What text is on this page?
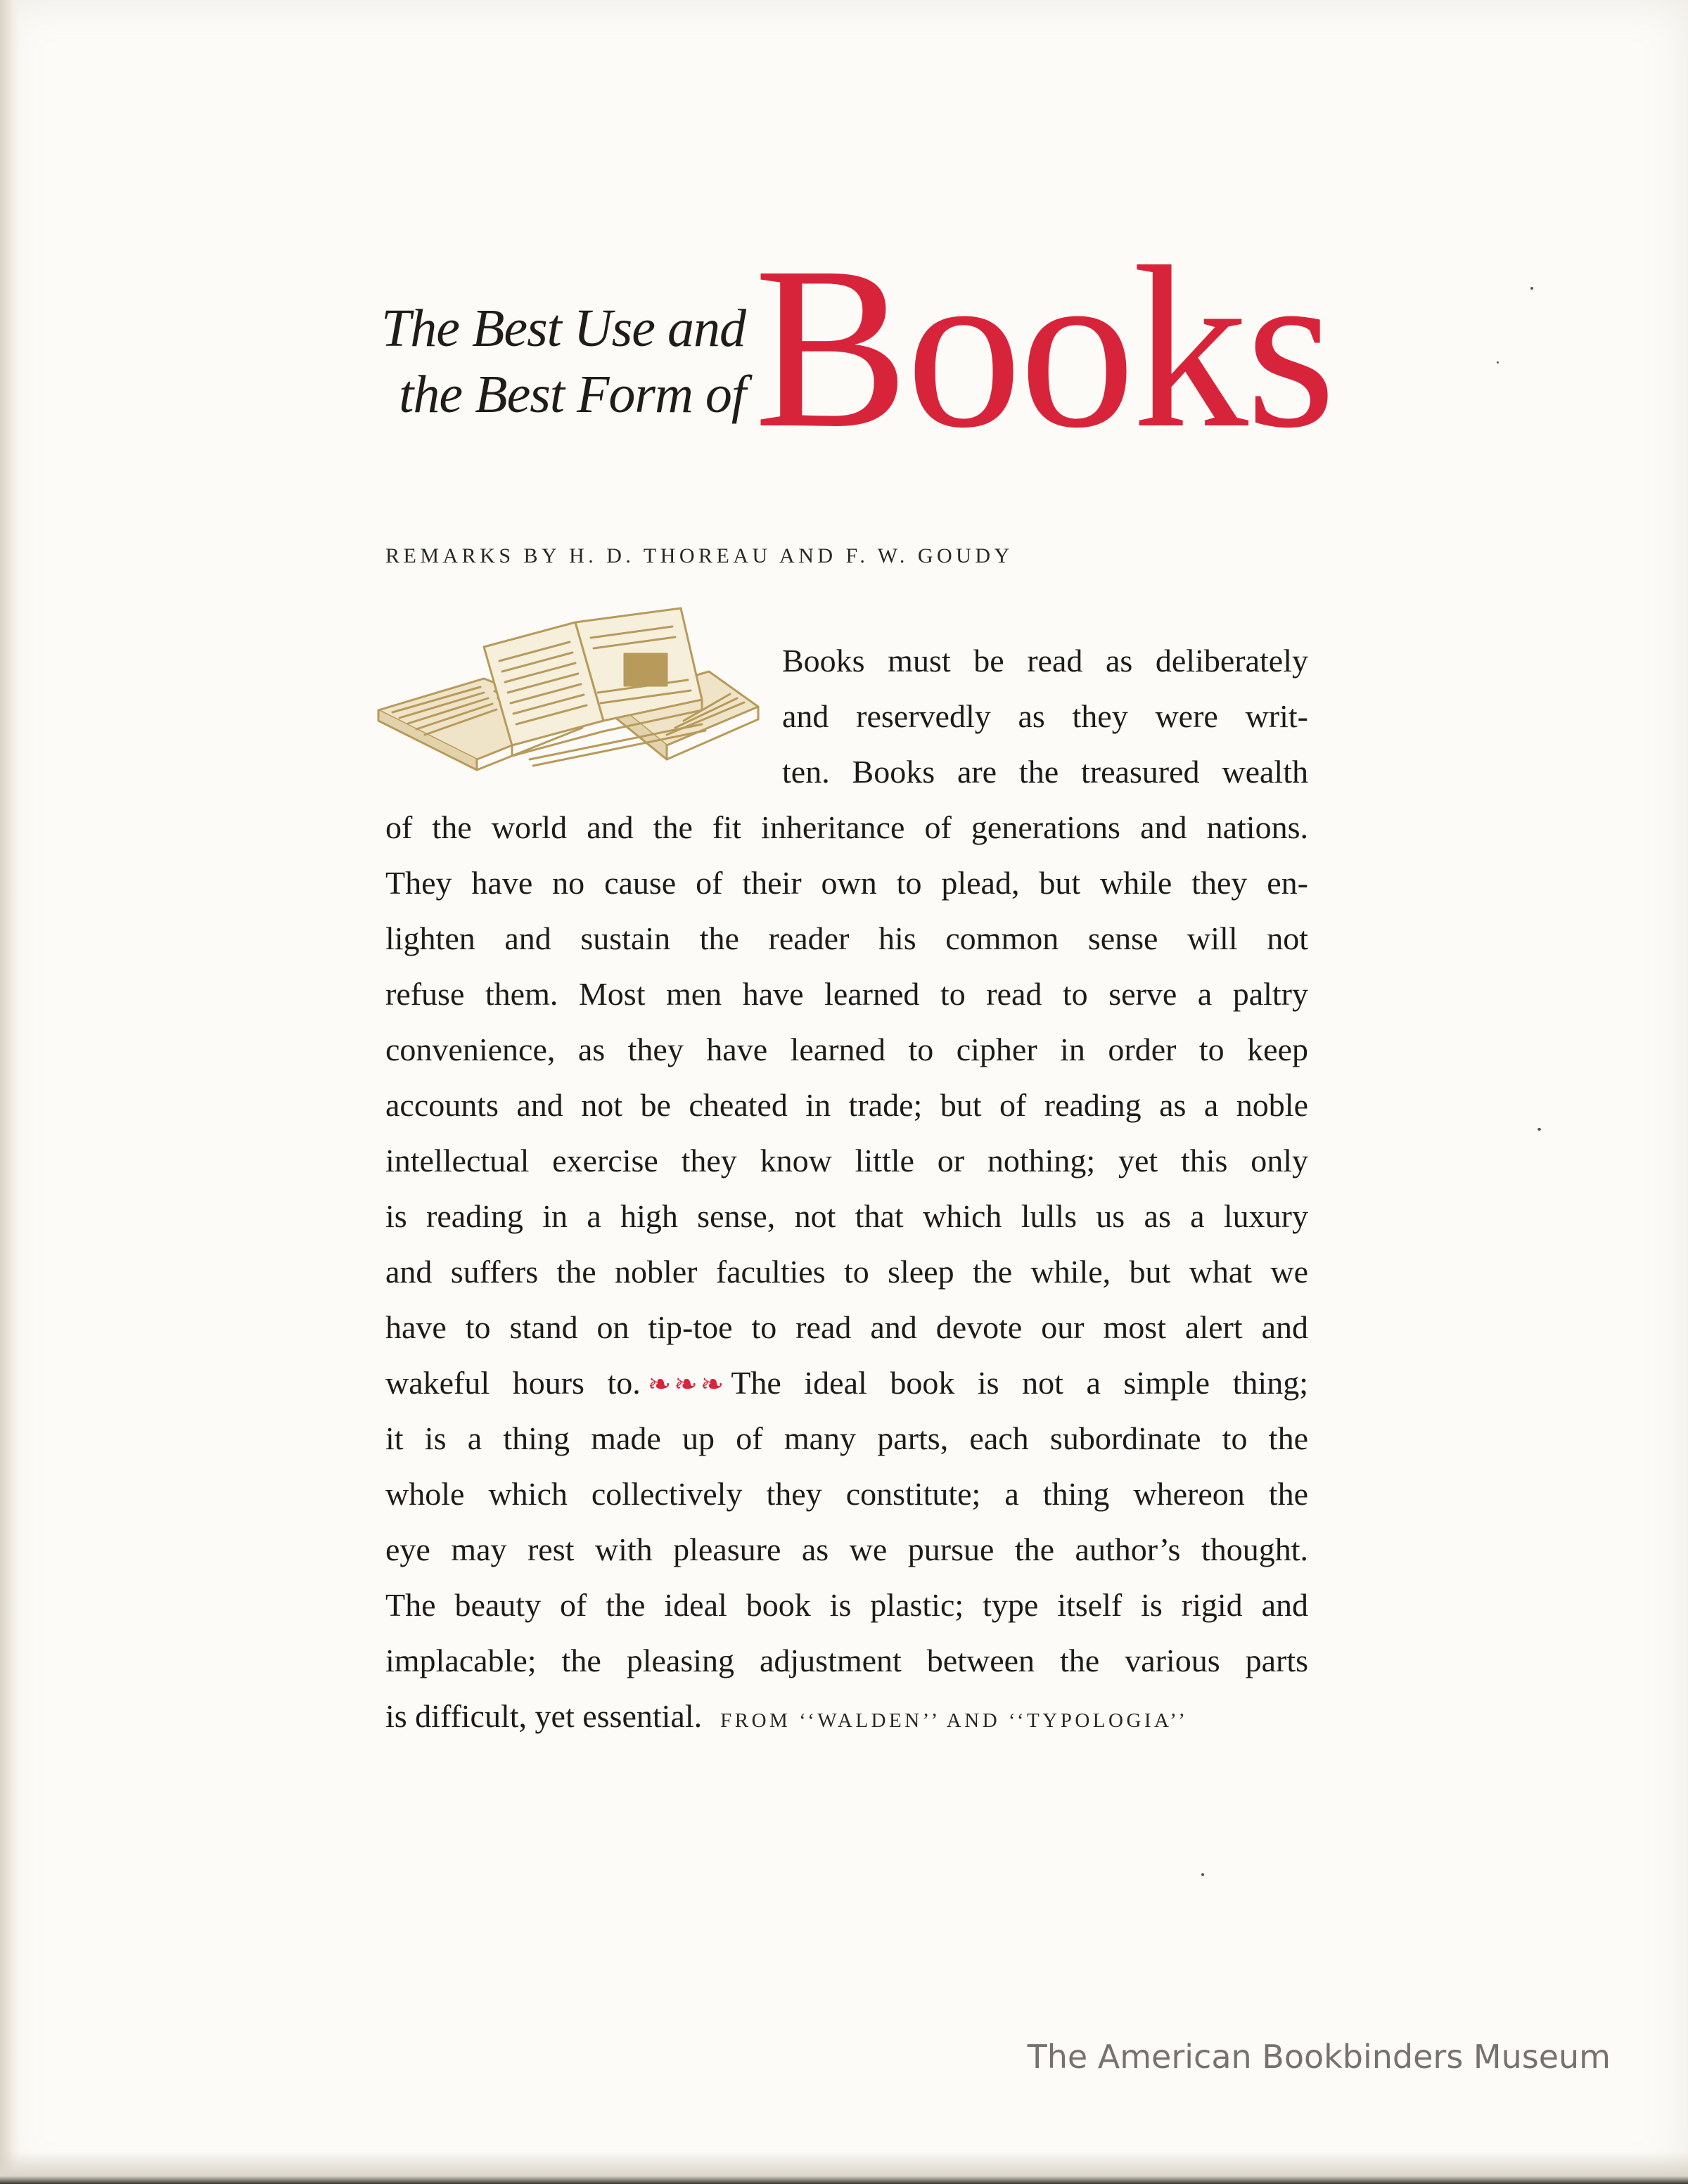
The Best Use and
the Best Form of Books
REMARKS BY H. D. THOREAU AND F. W. GOUDY
Books must be read as deliberately
and reservedly as they were writ-
ten. Books are the treasured wealth
of the world and the fit inheritance of generations and nations.
They have no cause of their own to plead, but while they en-
lighten and sustain the reader his common sense will not
refuse them. Most men have learned to read to serve a paltry
convenience, as they have learned to cipher in order to keep
accounts and not be cheated in trade; but of reading as a noble
intellectual exercise they know little or nothing; yet this only
is reading in a high sense, not that which lulls us as a luxury
and suffers the nobler faculties to sleep the while, but what we
have to stand on tip-toe to read and devote our most alert and
wakeful hours to. ❧❧❧ The ideal book is not a simple thing;
it is a thing made up of many parts, each subordinate to the
whole which collectively they constitute; a thing whereon the
eye may rest with pleasure as we pursue the author’s thought.
The beauty of the ideal book is plastic; type itself is rigid and
implacable; the pleasing adjustment between the various parts
is difficult, yet essential. FROM ‘‘WALDEN’’ AND ‘‘TYPOLOGIA’’
The American Bookbinders Museum
